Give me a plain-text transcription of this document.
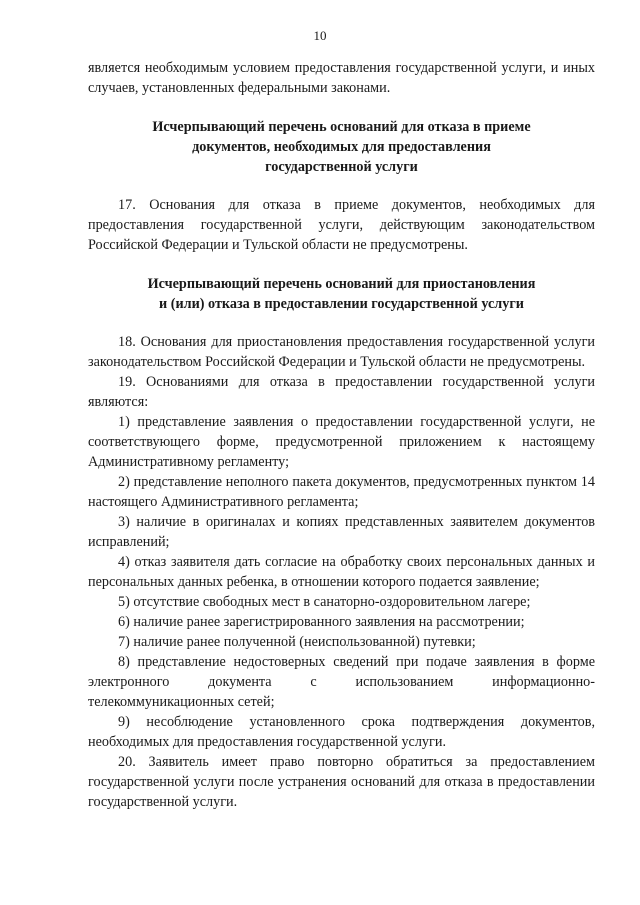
10

является необходимым условием предоставления государственной услуги, и иных случаев, установленных федеральными законами.

Исчерпывающий перечень оснований для отказа в приеме
документов, необходимых для предоставления
государственной услуги

17. Основания для отказа в приеме документов, необходимых для предоставления государственной услуги, действующим законодательством Российской Федерации и Тульской области не предусмотрены.

Исчерпывающий перечень оснований для приостановления
и (или) отказа в предоставлении государственной услуги

18. Основания для приостановления предоставления государственной услуги законодательством Российской Федерации и Тульской области не предусмотрены.

19. Основаниями для отказа в предоставлении государственной услуги являются:

1) представление заявления о предоставлении государственной услуги, не соответствующего форме, предусмотренной приложением к настоящему Административному регламенту;

2) представление неполного пакета документов, предусмотренных пунктом 14 настоящего Административного регламента;

3) наличие в оригиналах и копиях представленных заявителем документов исправлений;

4) отказ заявителя дать согласие на обработку своих персональных данных и персональных данных ребенка, в отношении которого подается заявление;

5) отсутствие свободных мест в санаторно-оздоровительном лагере;

6) наличие ранее зарегистрированного заявления на рассмотрении;

7) наличие ранее полученной (неиспользованной) путевки;

8) представление недостоверных сведений при подаче заявления в форме электронного документа с использованием информационно-телекоммуникационных сетей;

9) несоблюдение установленного срока подтверждения документов, необходимых для предоставления государственной услуги.

20. Заявитель имеет право повторно обратиться за предоставлением государственной услуги после устранения оснований для отказа в предоставлении государственной услуги.
